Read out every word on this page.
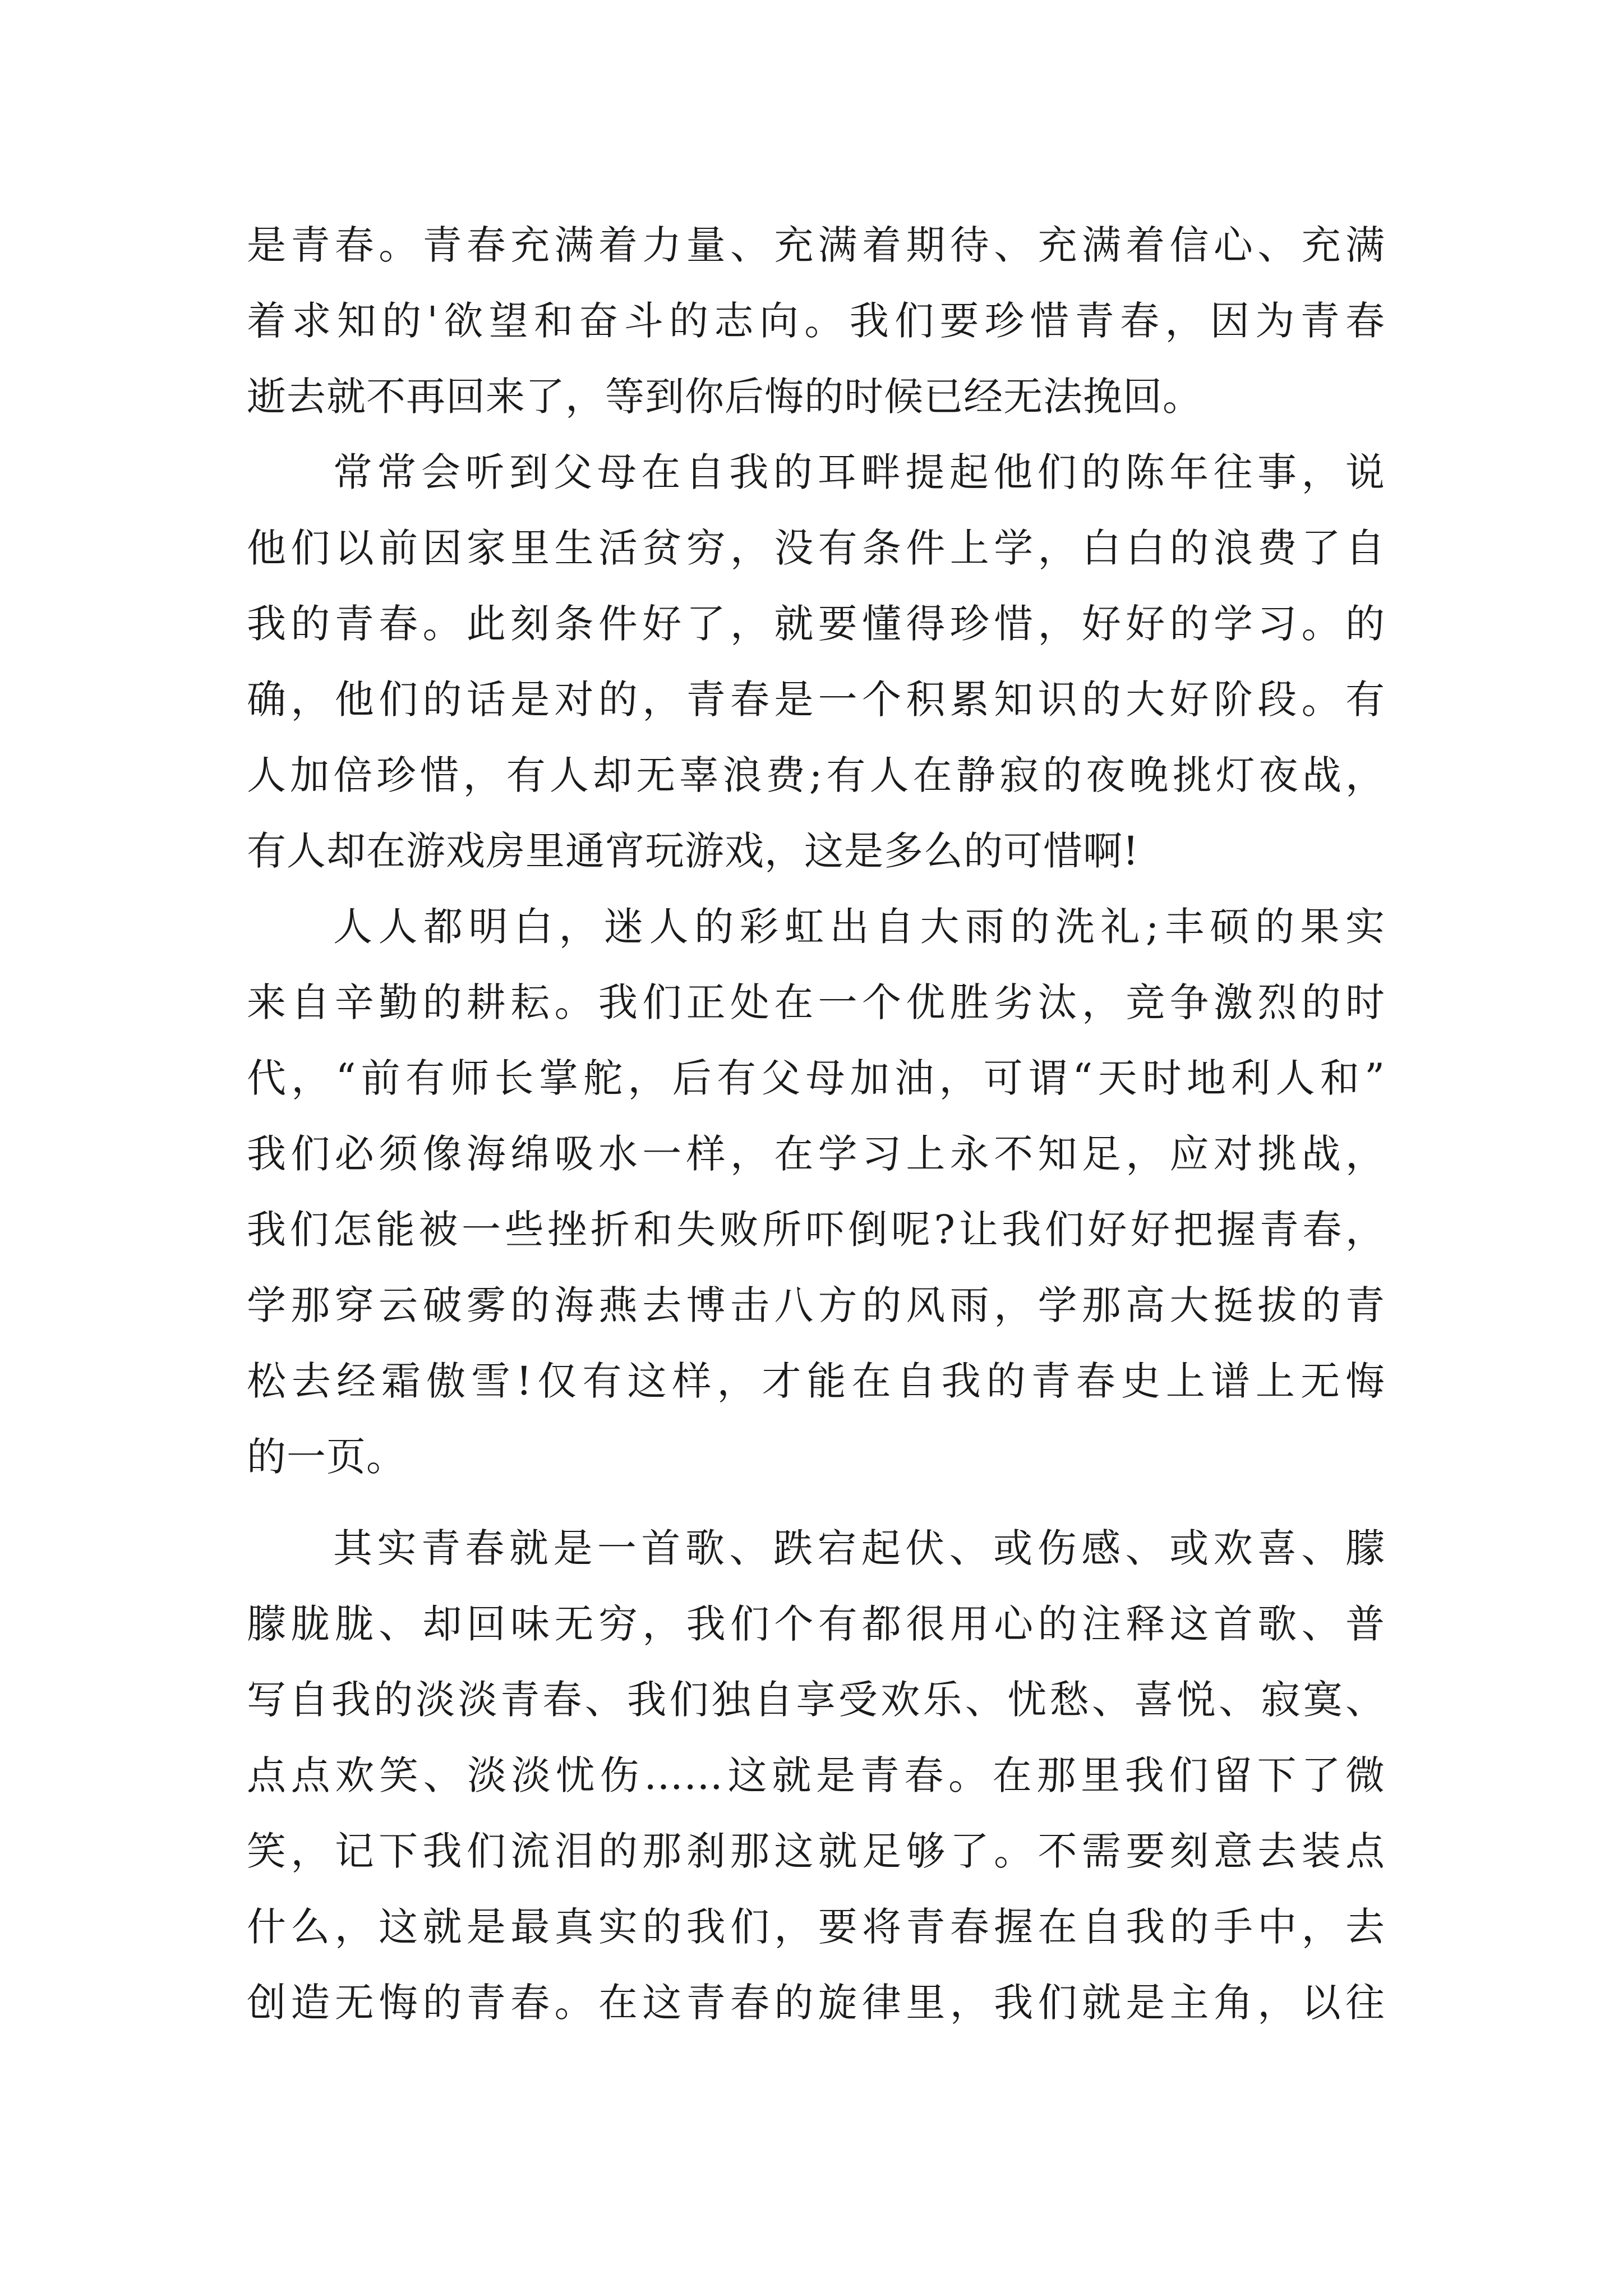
是青春。青春充满着力量、充满着期待、充满着信心、充满
着求知的'欲望和奋斗的志向。我们要珍惜青春，因为青春
逝去就不再回来了，等到你后悔的时候已经无法挽回。
常常会听到父母在自我的耳畔提起他们的陈年往事，说
他们以前因家里生活贫穷，没有条件上学，白白的浪费了自
我的青春。此刻条件好了，就要懂得珍惜，好好的学习。的
确，他们的话是对的，青春是一个积累知识的大好阶段。有
人加倍珍惜，有人却无辜浪费;有人在静寂的夜晚挑灯夜战，
有人却在游戏房里通宵玩游戏，这是多么的可惜啊!
人人都明白，迷人的彩虹出自大雨的洗礼;丰硕的果实
来自辛勤的耕耘。我们正处在一个优胜劣汰，竞争激烈的时
代，“前有师长掌舵，后有父母加油，可谓“天时地利人和”
我们必须像海绵吸水一样，在学习上永不知足，应对挑战，
我们怎能被一些挫折和失败所吓倒呢?让我们好好把握青春，
学那穿云破雾的海燕去博击八方的风雨，学那高大挺拔的青
松去经霜傲雪!仅有这样，才能在自我的青春史上谱上无悔
的一页。
其实青春就是一首歌、跌宕起伏、或伤感、或欢喜、朦
朦胧胧、却回味无穷，我们个有都很用心的注释这首歌、普
写自我的淡淡青春、我们独自享受欢乐、忧愁、喜悦、寂寞、
点点欢笑、淡淡忧伤……这就是青春。在那里我们留下了微
笑，记下我们流泪的那刹那这就足够了。不需要刻意去装点
什么，这就是最真实的我们，要将青春握在自我的手中，去
创造无悔的青春。在这青春的旋律里，我们就是主角，以往
